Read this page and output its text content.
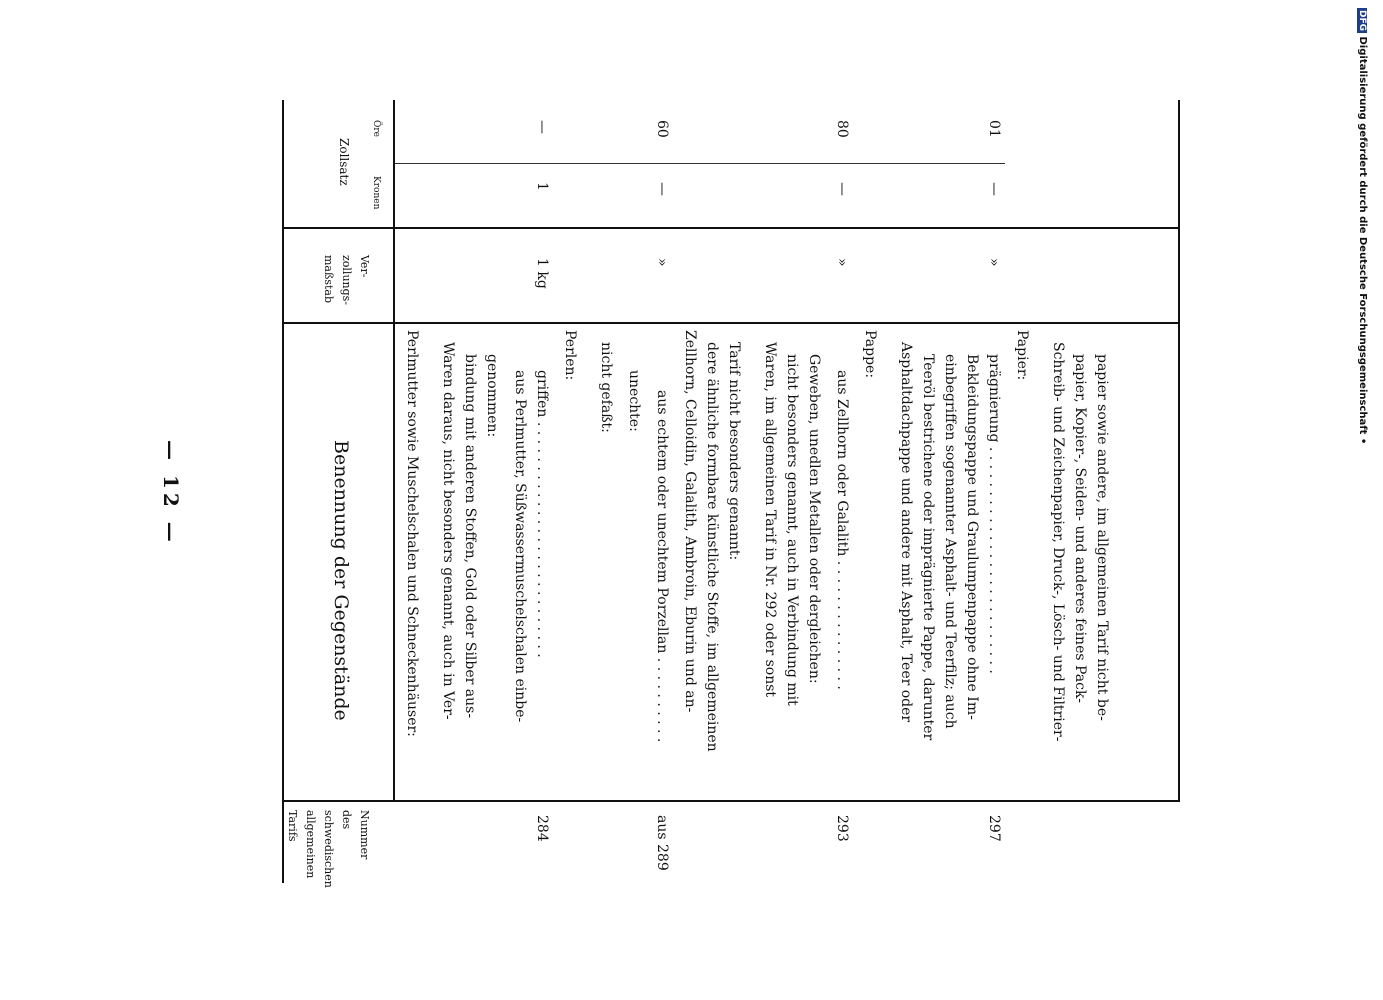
DFG Digitalisierung gefördert durch die Deutsche Forschungsgemeinschaft •
— 12 —
Nummer
des
schwedischen
allgemeinen
Tarifs
Benennung der Gegenstände
Ver-
zollungs-
maßstab
Zollsatz
Kronen
Öre
Perlmutter sowie Muschelschalen und Schneckenhäuser: Waren daraus, nicht besonders genannt, auch in Ver- bindung mit anderen Stoffen, Gold oder Silber aus- genommen: aus Perlmutter, Süßwassermuschelschalen einbe- griffen . . . . . . . . . . . . . . . . . . . . . . . . . . .
284
1 kg
1
—
Perlen: nicht gefaßt: unechte: aus echtem oder unechtem Porzellan . . . . . . . . . .
aus 289
»
—
60
Zellhorn, Celloidin, Galalith, Ambroin, Eburin und an- dere ähnliche formbare künstliche Stoffe, im allgemeinen Tarif nicht besonders genannt: Waren, im allgemeinen Tarif in Nr. 292 oder sonst nicht besonders genannt, auch in Verbindung mit Geweben, unedlen Metallen oder dergleichen: aus Zellhorn oder Galalith . . . . . . . . . . . . . . .
293
»
—
80
Pappe: Asphaltdachpappe und andere mit Asphalt, Teer oder Teeröl bestrichene oder imprägnierte Pappe, darunter einbegriffen sogenannter Asphalt- und Teerfilz; auch Bekleidungspappe und Graulumpenpappe ohne Im- prägnierung . . . . . . . . . . . . . . . . . . . . . . . . . .
297
»
—
01
Papier: Schreib- und Zeichenpapier, Druck-, Lösch- und Filtrier- papier, Kopier-, Seiden- und anderes feines Pack- papier sowie andere, im allgemeinen Tarif nicht be-
